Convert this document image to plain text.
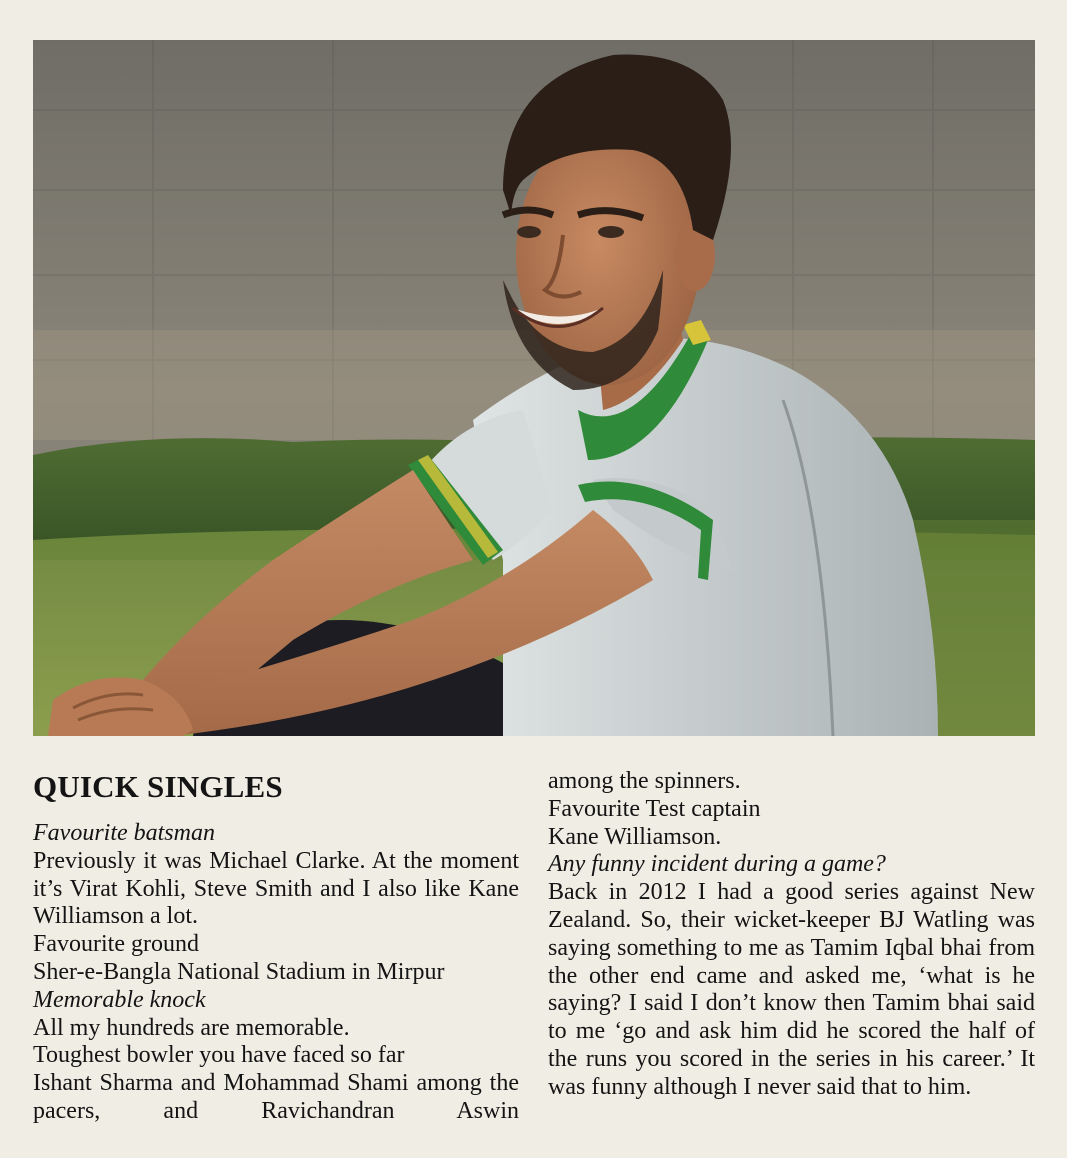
QUICK SINGLES

Favourite batsman

Previously it was Michael Clarke. At the moment it’s Virat Kohli, Steve Smith and I also like Kane Williamson a lot.

Favourite ground

Sher-e-Bangla National Stadium in Mirpur

Memorable knock

All my hundreds are memorable.

Toughest bowler you have faced so far

Ishant Sharma and Mohammad Shami among the pacers, and Ravichandran Aswin

among the spinners.

Favourite Test captain

Kane Williamson.

Any funny incident during a game?

Back in 2012 I had a good series against New Zealand. So, their wicket-keeper BJ Watling was saying something to me as Tamim Iqbal bhai from the other end came and asked me, ‘what is he saying? I said I don’t know then Tamim bhai said to me ‘go and ask him did he scored the half of the runs you scored in the series in his career.’ It was funny although I never said that to him.
